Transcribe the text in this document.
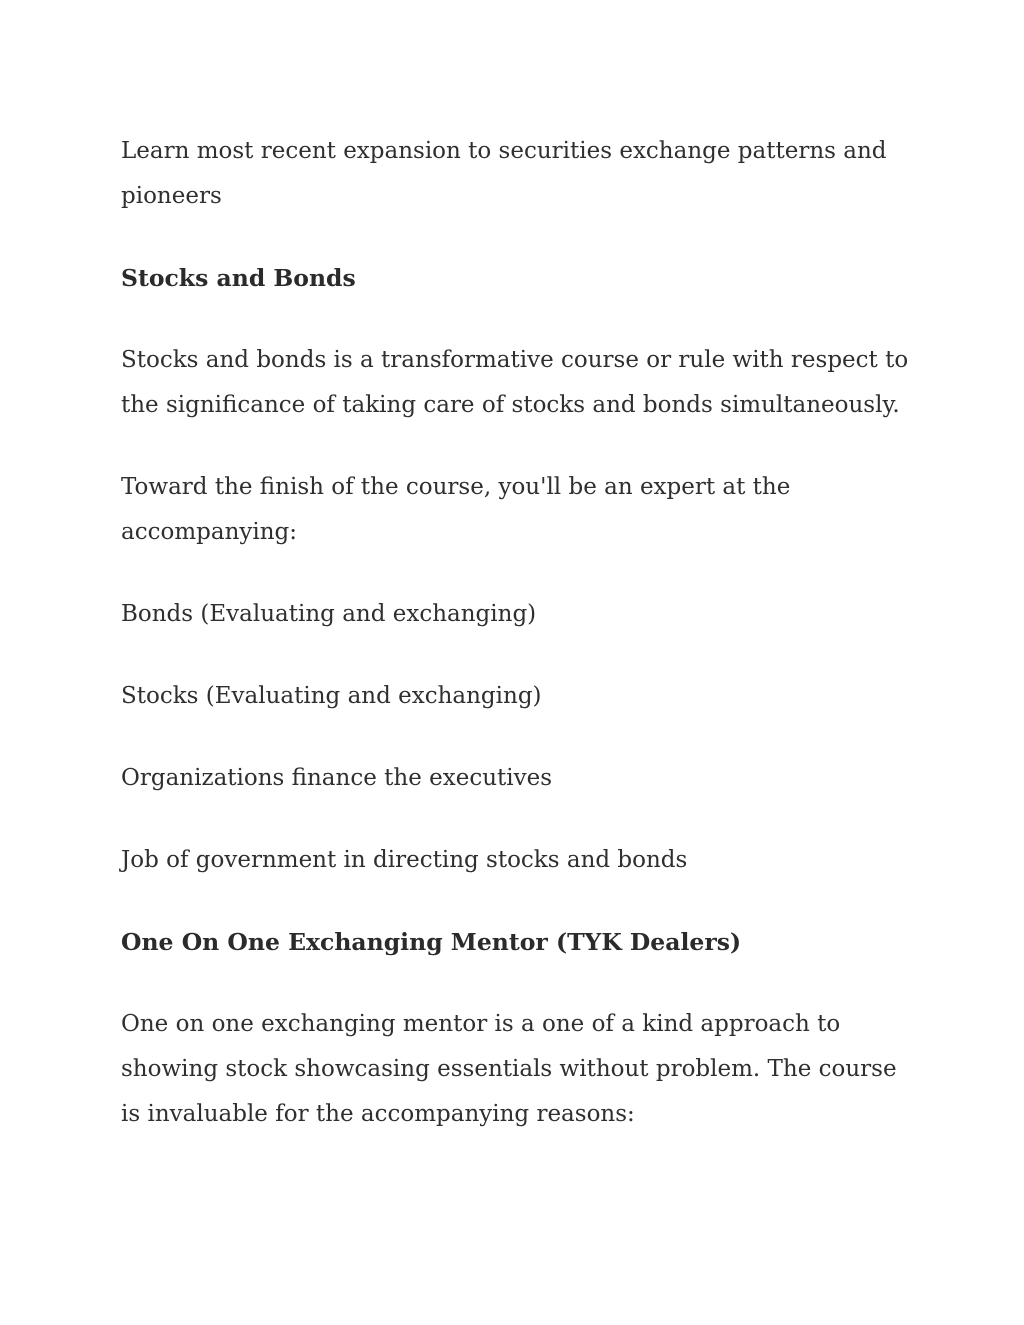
Learn most recent expansion to securities exchange patterns and pioneers

Stocks and Bonds

Stocks and bonds is a transformative course or rule with respect to the significance of taking care of stocks and bonds simultaneously.

Toward the finish of the course, you'll be an expert at the accompanying:

Bonds (Evaluating and exchanging)

Stocks (Evaluating and exchanging)

Organizations finance the executives

Job of government in directing stocks and bonds

One On One Exchanging Mentor (TYK Dealers)

One on one exchanging mentor is a one of a kind approach to showing stock showcasing essentials without problem. The course is invaluable for the accompanying reasons:
